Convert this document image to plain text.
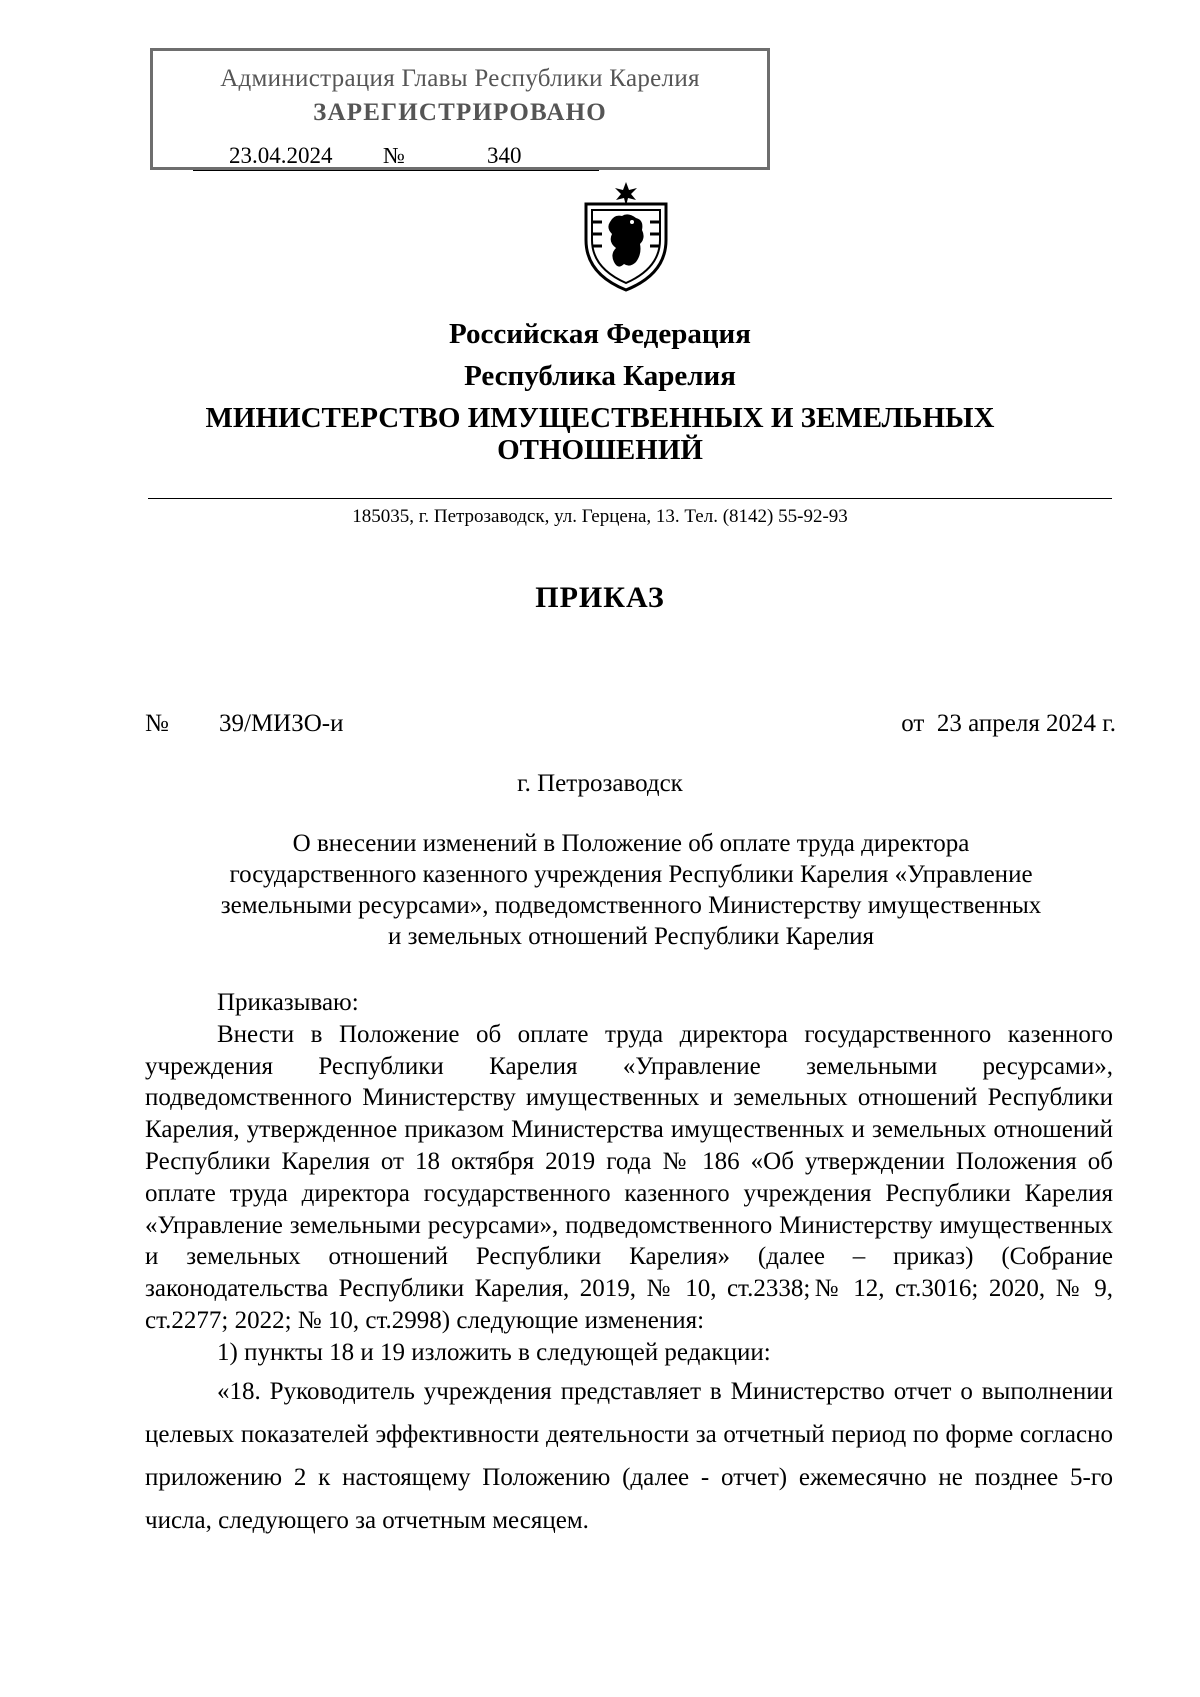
Администрация Главы Республики Карелия
ЗАРЕГИСТРИРОВАНО
23.04.2024 №	340
Российская Федерация
Республика Карелия
МИНИСТЕРСТВО ИМУЩЕСТВЕННЫХ И ЗЕМЕЛЬНЫХ
ОТНОШЕНИЙ
185035, г. Петрозаводск, ул. Герцена, 13. Тел. (8142) 55-92-93
ПРИКАЗ
№ 39/МИЗО-и	от  23 апреля 2024 г.
г. Петрозаводск
О внесении изменений в Положение об оплате труда директора
государственного казенного учреждения Республики Карелия «Управление
земельными ресурсами», подведомственного Министерству имущественных
и земельных отношений Республики Карелия

Приказываю:

Внести в Положение об оплате труда директора государственного казенного учреждения Республики Карелия «Управление земельными ресурсами», подведомственного Министерству имущественных и земельных отношений Республики Карелия, утвержденное приказом Министерства имущественных и земельных отношений Республики Карелия от 18 октября 2019 года № 186 «Об утверждении Положения об оплате труда директора государственного казенного учреждения Республики Карелия «Управление земельными ресурсами», подведомственного Министерству имущественных и земельных отношений Республики Карелия» (далее – приказ) (Собрание законодательства Республики Карелия, 2019, № 10, ст.2338;№ 12, ст.3016; 2020, № 9, ст.2277; 2022; № 10, ст.2998) следующие изменения:

1) пункты 18 и 19 изложить в следующей редакции:

«18. Руководитель учреждения представляет в Министерство отчет о выполнении целевых показателей эффективности деятельности за отчетный период по форме согласно приложению 2 к настоящему Положению (далее - отчет) ежемесячно не позднее 5-го числа, следующего за отчетным месяцем.
